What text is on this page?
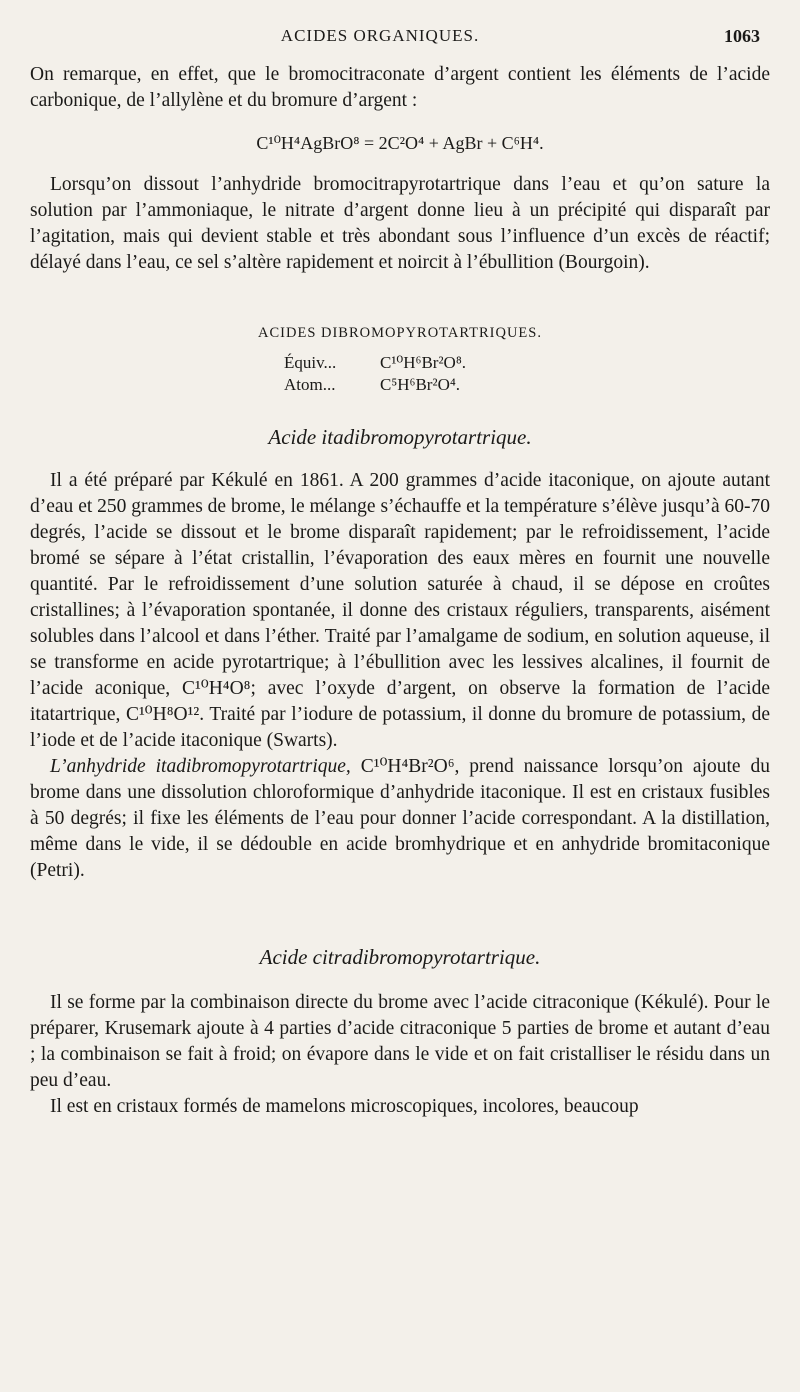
ACIDES ORGANIQUES.	1063

On remarque, en effet, que le bromocitraconate d’argent contient les éléments de l’acide carbonique, de l’allylène et du bromure d’argent :

C¹⁰H⁴AgBrO⁸ = 2C²O⁴ + AgBr + C⁶H⁴.

Lorsqu’on dissout l’anhydride bromocitrapyrotartrique dans l’eau et qu’on sature la solution par l’ammoniaque, le nitrate d’argent donne lieu à un précipité qui disparaît par l’agitation, mais qui devient stable et très abondant sous l’influence d’un excès de réactif; délayé dans l’eau, ce sel s’altère rapidement et noircit à l’ébullition (Bourgoin).

ACIDES DIBROMOPYROTARTRIQUES.
Équiv...	C¹⁰H⁶Br²O⁸.
Atom...	C⁵H⁶Br²O⁴.
Acide itadibromopyrotartrique.

Il a été préparé par Kékulé en 1861. A 200 grammes d’acide itaconique, on ajoute autant d’eau et 250 grammes de brome, le mélange s’échauffe et la température s’élève jusqu’à 60-70 degrés, l’acide se dissout et le brome disparaît rapidement; par le refroidissement, l’acide bromé se sépare à l’état cristallin, l’évaporation des eaux mères en fournit une nouvelle quantité. Par le refroidissement d’une solution saturée à chaud, il se dépose en croûtes cristallines; à l’évaporation spontanée, il donne des cristaux réguliers, transparents, aisément solubles dans l’alcool et dans l’éther. Traité par l’amalgame de sodium, en solution aqueuse, il se transforme en acide pyrotartrique; à l’ébullition avec les lessives alcalines, il fournit de l’acide aconique, C¹⁰H⁴O⁸; avec l’oxyde d’argent, on observe la formation de l’acide itatartrique, C¹⁰H⁸O¹². Traité par l’iodure de potassium, il donne du bromure de potassium, de l’iode et de l’acide itaconique (Swarts).

L’anhydride itadibromopyrotartrique, C¹⁰H⁴Br²O⁶, prend naissance lorsqu’on ajoute du brome dans une dissolution chloroformique d’anhydride itaconique. Il est en cristaux fusibles à 50 degrés; il fixe les éléments de l’eau pour donner l’acide correspondant. A la distillation, même dans le vide, il se dédouble en acide bromhydrique et en anhydride bromitaconique (Petri).

Acide citradibromopyrotartrique.

Il se forme par la combinaison directe du brome avec l’acide citraconique (Kékulé). Pour le préparer, Krusemark ajoute à 4 parties d’acide citraconique 5 parties de brome et autant d’eau ; la combinaison se fait à froid; on évapore dans le vide et on fait cristalliser le résidu dans un peu d’eau.

Il est en cristaux formés de mamelons microscopiques, incolores, beaucoup
